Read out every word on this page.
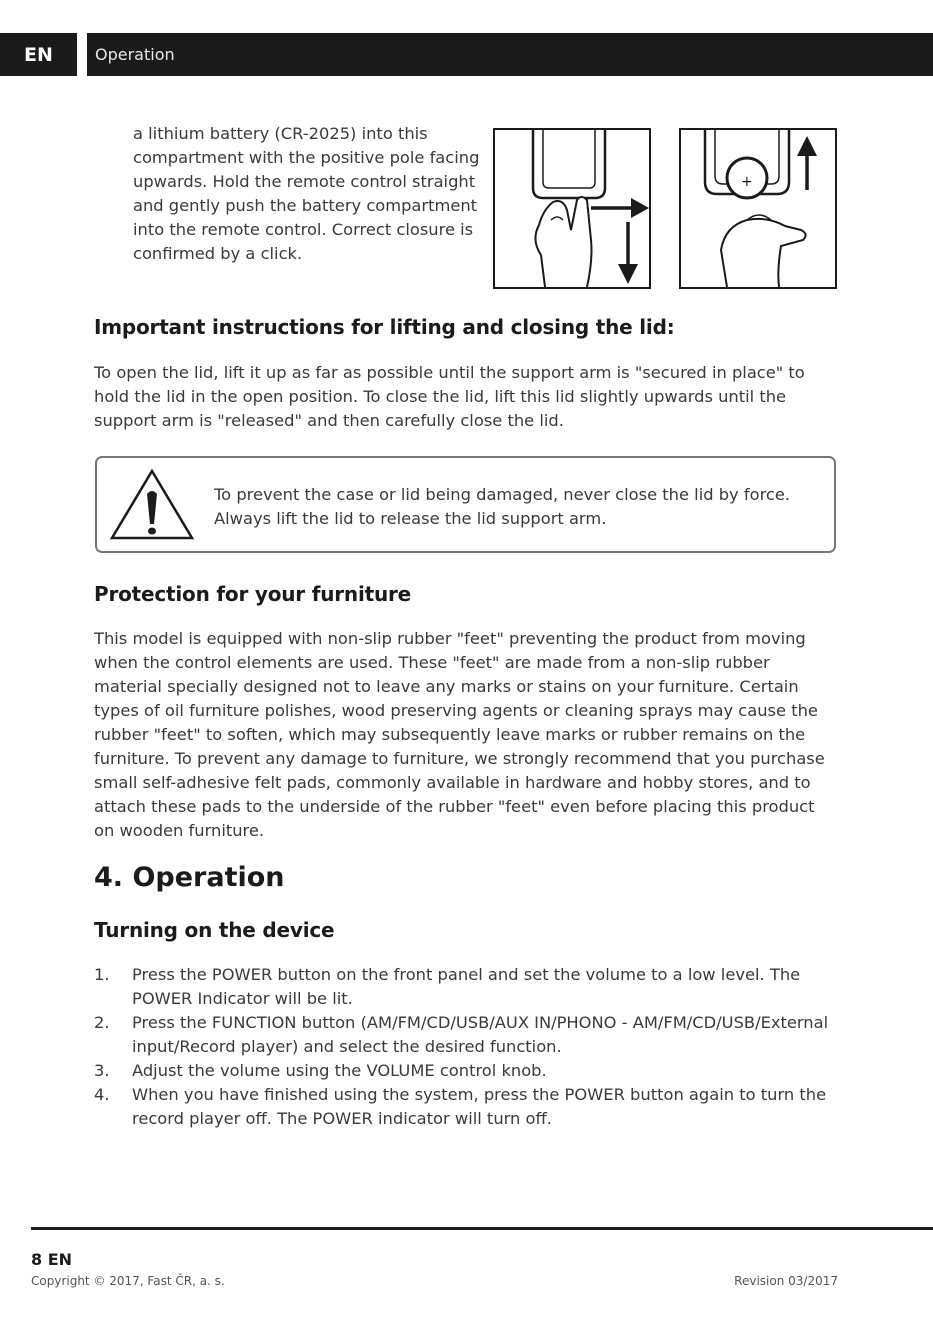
EN	Operation
a lithium battery (CR-2025) into this compartment with the positive pole facing upwards. Hold the remote control straight and gently push the battery compartment into the remote control. Correct closure is confirmed by a click.
+
Important instructions for lifting and closing the lid:
To open the lid, lift it up as far as possible until the support arm is "secured in place" to hold the lid in the open position. To close the lid, lift this lid slightly upwards until the support arm is "released" and then carefully close the lid.
To prevent the case or lid being damaged, never close the lid by force.
Always lift the lid to release the lid support arm.
Protection for your furniture
This model is equipped with non-slip rubber "feet" preventing the product from moving when the control elements are used. These "feet" are made from a non-slip rubber material specially designed not to leave any marks or stains on your furniture. Certain types of oil furniture polishes, wood preserving agents or cleaning sprays may cause the rubber "feet" to soften, which may subsequently leave marks or rubber remains on the furniture. To prevent any damage to furniture, we strongly recommend that you purchase small self-adhesive felt pads, commonly available in hardware and hobby stores, and to attach these pads to the underside of the rubber "feet" even before placing this product on wooden furniture.
4. Operation
Turning on the device
1.	Press the POWER button on the front panel and set the volume to a low level. The POWER Indicator will be lit.
2.	Press the FUNCTION button (AM/FM/CD/USB/AUX IN/PHONO - AM/FM/CD/USB/External input/Record player) and select the desired function.
3.	Adjust the volume using the VOLUME control knob.
4.	When you have finished using the system, press the POWER button again to turn the record player off. The POWER indicator will turn off.
8 EN
Copyright © 2017, Fast ČR, a. s.	Revision 03/2017
